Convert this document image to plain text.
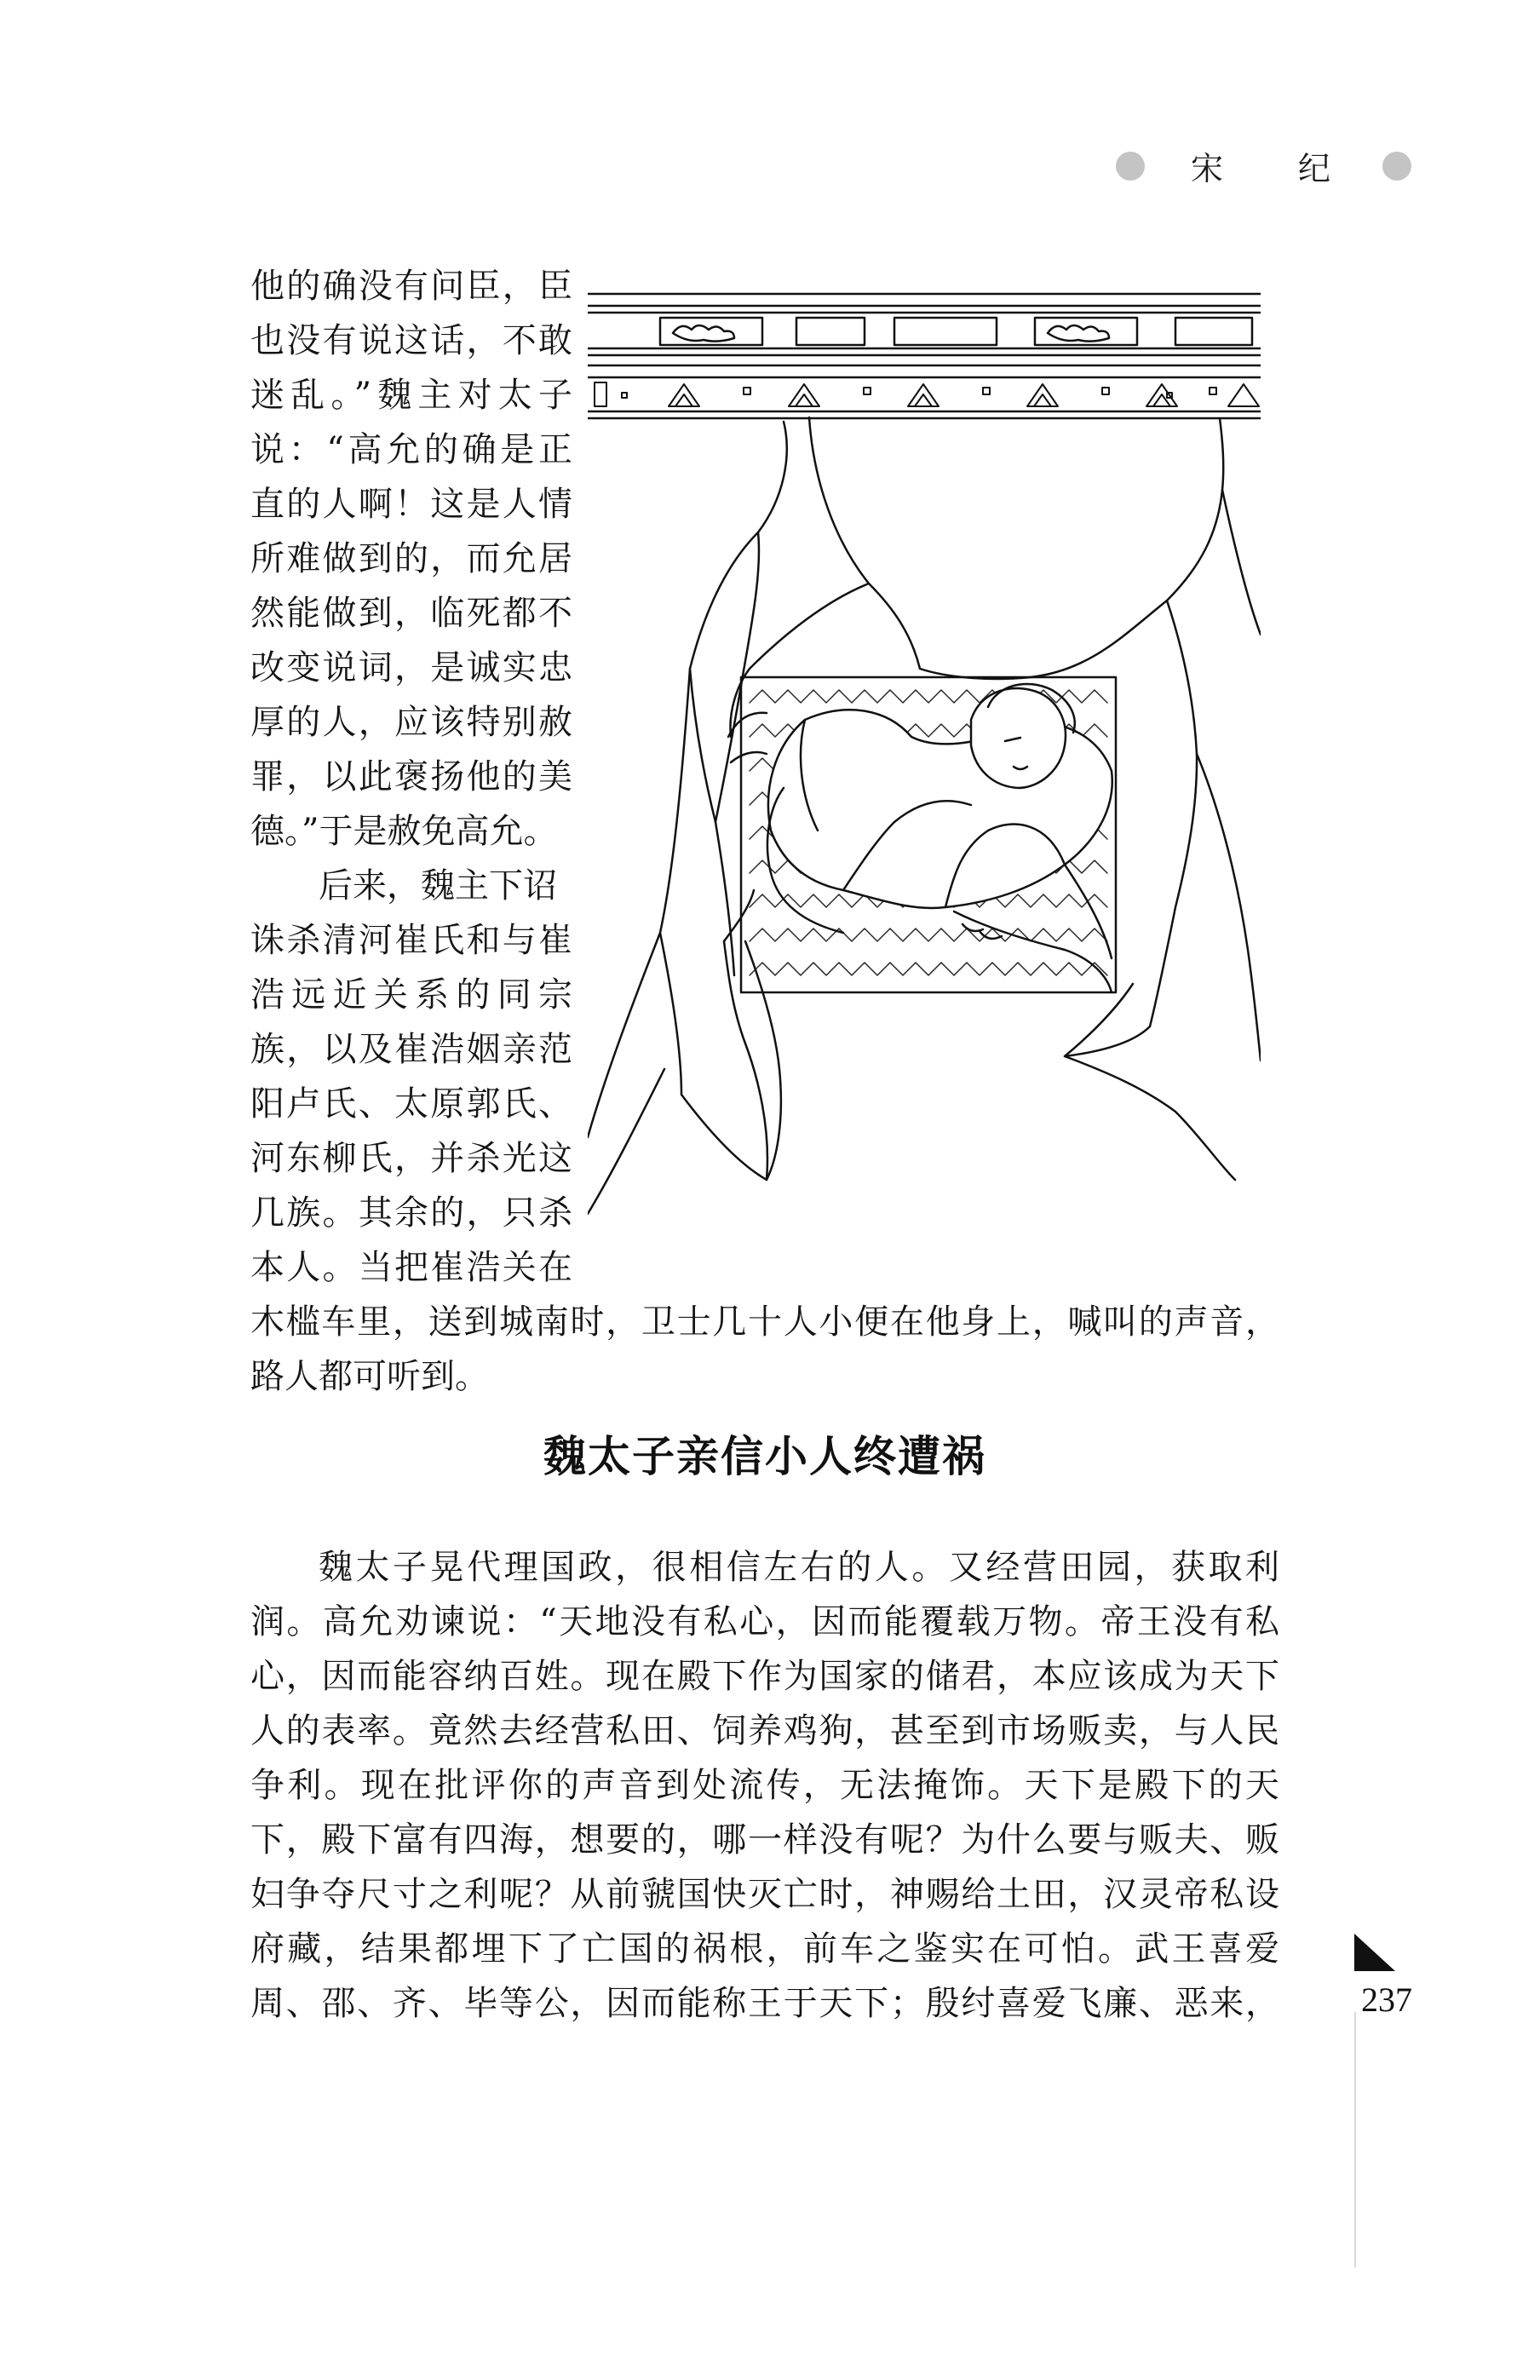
宋 纪
他的确没有问臣，臣
也没有说这话，不敢
迷乱。”魏主对太子
说：“高允的确是正
直的人啊！这是人情
所难做到的，而允居
然能做到，临死都不
改变说词，是诚实忠
厚的人，应该特别赦
罪，以此褒扬他的美
德。”于是赦免高允。
后来，魏主下诏
诛杀清河崔氏和与崔
浩远近关系的同宗
族，以及崔浩姻亲范
阳卢氏、太原郭氏、
河东柳氏，并杀光这
几族。其余的，只杀
本人。当把崔浩关在
木槛车里，送到城南时，卫士几十人小便在他身上，喊叫的声音，
路人都可听到。
魏太子亲信小人终遭祸
魏太子晃代理国政，很相信左右的人。又经营田园，获取利
润。高允劝谏说：“天地没有私心，因而能覆载万物。帝王没有私
心，因而能容纳百姓。现在殿下作为国家的储君，本应该成为天下
人的表率。竟然去经营私田、饲养鸡狗，甚至到市场贩卖，与人民
争利。现在批评你的声音到处流传，无法掩饰。天下是殿下的天
下，殿下富有四海，想要的，哪一样没有呢？为什么要与贩夫、贩
妇争夺尺寸之利呢？从前虢国快灭亡时，神赐给土田，汉灵帝私设
府藏，结果都埋下了亡国的祸根，前车之鉴实在可怕。武王喜爱
周、邵、齐、毕等公，因而能称王于天下；殷纣喜爱飞廉、恶来， 237
